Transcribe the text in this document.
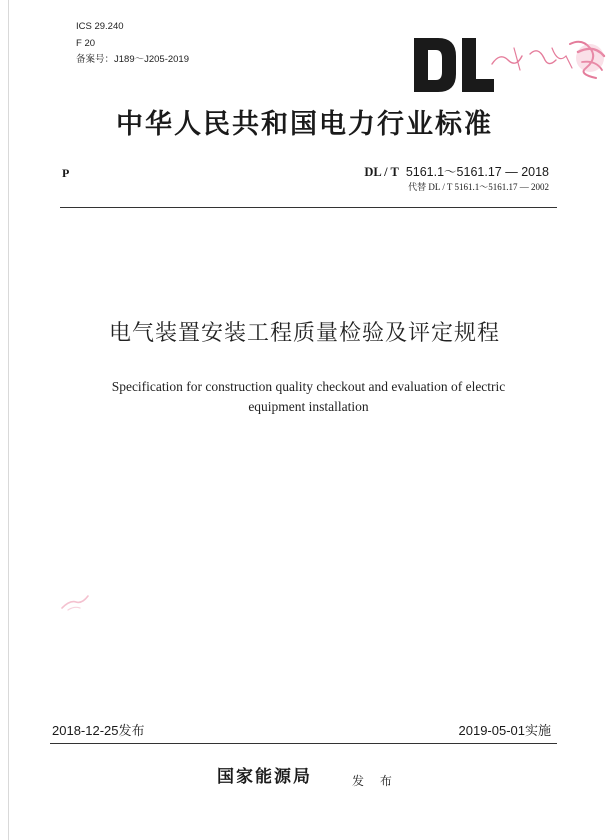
ICS 29.240
F 20
备案号：J189～J205-2019
中华人民共和国电力行业标准
P	DL / T 5161.1～5161.17 — 2018
代替 DL / T 5161.1～5161.17 — 2002
电气装置安装工程质量检验及评定规程
Specification for construction quality checkout and evaluation of electric
equipment installation
2018-12-25发布	2019-05-01实施
国家能源局	发 布
